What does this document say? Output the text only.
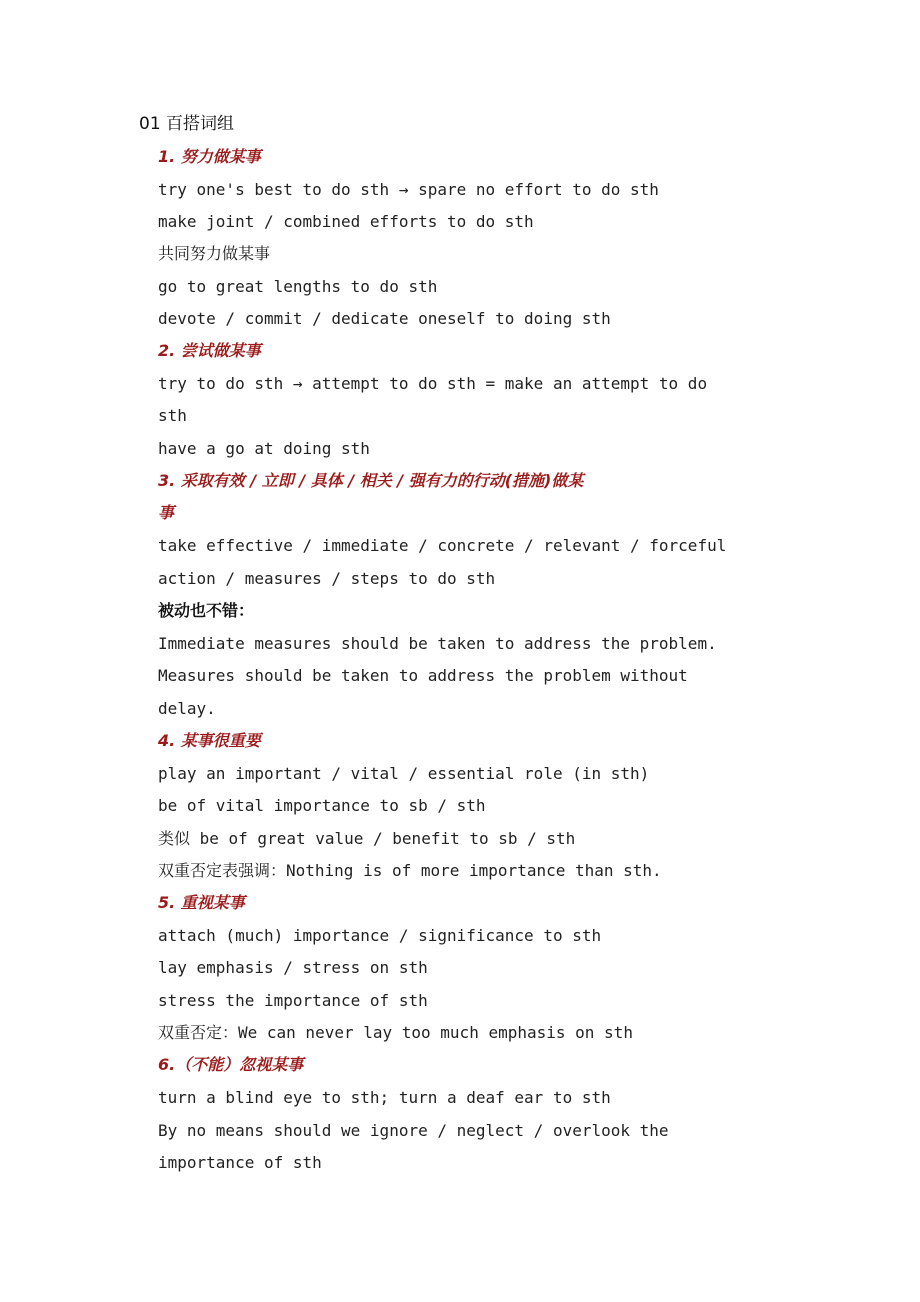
01 百搭词组
1. 努力做某事
try one's best to do sth → spare no effort to do sth
make joint / combined efforts to do sth
共同努力做某事
go to great lengths to do sth
devote / commit / dedicate oneself to doing sth
2. 尝试做某事
try to do sth → attempt to do sth = make an attempt to do
sth
have a go at doing sth
3. 采取有效 / 立即 / 具体 / 相关 / 强有力的行动(措施)做某
事
take effective / immediate / concrete / relevant / forceful
action / measures / steps to do sth
被动也不错：
Immediate measures should be taken to address the problem.
Measures should be taken to address the problem without
delay.
4. 某事很重要
play an important / vital / essential role (in sth)
be of vital importance to sb / sth
类似 be of great value / benefit to sb / sth
双重否定表强调：Nothing is of more importance than sth.
5. 重视某事
attach (much) importance / significance to sth
lay emphasis / stress on sth
stress the importance of sth
双重否定：We can never lay too much emphasis on sth
6.（不能）忽视某事
turn a blind eye to sth; turn a deaf ear to sth
By no means should we ignore / neglect / overlook the
importance of sth
